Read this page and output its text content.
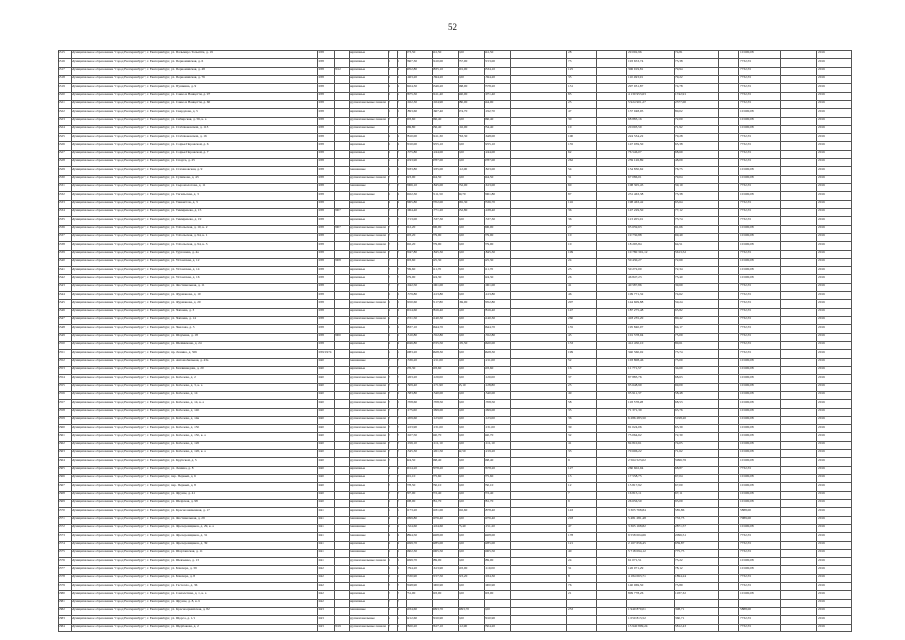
52
5315	Муниципальное образование "город Екатеринбург", г. Екатеринбург, ул. Пальмиро Тольятти, д. 19	1938	кирпичные	2	1	373,50	341,50	0,00	341,50	28	29 092,96	74,81	10 600,08	2016
5316	Муниципальное образование "город Екатеринбург", г. Екатеринбург, ул. Первомайская, д. 6	1938	кирпичные	3	3	2667,30	2410,00	257,00	2153,00	73	193 653,74	73,38	7732,55	2016
5317	Муниципальное образование "город Екатеринбург", г. Екатеринбург, ул. Первомайская, д. 48	1938	2012	кирпичные	3	4	4052,80	3835,10	301,00	3534,10	125	306 919,81	79,94	7732,55	2016
5318	Муниципальное образование "город Екатеринбург", г. Екатеринбург, ул. Первомайская, д. 76	1938	кирпичные	3	3	1463,20	1394,20	0,00	1394,20	35	110 493,91	79,22	7732,55	2016
5319	Муниципальное образование "город Екатеринбург", г. Екатеринбург, ул. Пушкина, д. 9	1938	кирпичные	4	4	3924,30	3346,20	968,00	2378,20	131	297 931,87	74,78	7732,55	2016
5320	Муниципальное образование "город Екатеринбург", г. Екатеринбург, ул. Сакко и Ванцетти, д. 97	1938	кирпичные	3	5	2675,30	2411,40	440,00	1971,40	85	4 130 953,63	1742,91	7732,55	2016
5321	Муниципальное образование "город Екатеринбург", г. Екатеринбург, ул. Сакко и Ванцетти, д. 60	1938	крупнопанельные панели 2	2	1022,30	1024,90	380,00	644,90	25	5 924 901,27	2377,00	7732,55	2016
5322	Муниципальное образование "город Екатеринбург", г. Екатеринбург, ул. Свердлова, д. 5	1938	кирпичные	3	3	1893,60	1667,40	474,70	1192,70	47	137 048,95	80,02	10 600,08	2016
5323	Муниципальное образование "город Екатеринбург", г. Екатеринбург, ул. Сибирская, д. 56, к. а	1938	крупнопанельные панели 2	2	903,60	866,40	0,00	866,40	30	68 883,16	72,00	10 600,08	2016
5324	Муниципальное образование "город Екатеринбург", г. Екатеринбург, ул. Стеблюковской, д. 113	1938	крупнопанельные	2	1	369,80	356,40	102,00	254,40	10	20 093,59	71,92	10 600,08	2016
5325	Муниципальное образование "город Екатеринбург", г. Екатеринбург, ул. Стеблюковской, д. 16	1938	кирпичные	4	4	2810,00	2411,30	763,30	1648,00	100	224 534,22	79,28	7732,55	2016
5326	Муниципальное образование "город Екатеринбург", г. Екатеринбург, ул. Софьи Перовской, д. 6	1938	кирпичные	3	4	2010,00	2255,10	0,00	2255,10	135	147 039,50	65,38	7732,55	2016
5327	Муниципальное образование "город Екатеринбург", г. Екатеринбург, ул. Софьи Перовской, д. 7	1938	кирпичные	3	2	1375,80	1244,00	0,00	1244,00	62	76 546,07	68,69	7732,55	2016
5328	Муниципальное образование "город Екатеринбург", г. Екатеринбург, ул. Спорта, д. 25	1938	кирпичные	5	6	5193,90	4787,00	0,00	4787,00	262	239 126,89	48,09	7732,55	2016
5329	Муниципальное образование "город Екатеринбург", г. Екатеринбург, ул. Стахановская, д. 9	1938	смешанные	3	3	2183,80	1935,00	112,00	1823,00	54	154 830,62	76,75	10 600,08	2016
5330	Муниципальное образование "город Екатеринбург", г. Екатеринбург, ул. Сулимова, д. 43	1938	крупнопанельные панели 2	2	923,90	844,50	0,00	844,50	31	67 086,01	79,04	10 600,08	2016
5331	Муниципальное образование "город Екатеринбург", г. Екатеринбург, ул. Сыромолотова, д. 11	1938	смешанные	2	2	2066,10	1845,00	232,00	1613,00	60	108 305,45	59,19	7732,55	2016
5332	Муниципальное образование "город Екатеринбург", г. Екатеринбург, ул. Тагильская, д. 3	1938	крупнопанельные	3	4	3022,30	2111,50	49,70	2061,80	87	231 463,38	73,38	10 600,08	2016
5333	Муниципальное образование "город Екатеринбург", г. Екатеринбург, ул. Танкистов, д. 3	1938	кирпичные	4	4	2965,80	2702,00	365,30	2336,70	116	198 463,42	63,64	7732,55	2016
5334	Муниципальное образование "город Екатеринбург", г. Екатеринбург, ул. Тимирязева, д. 15	1938	2007	кирпичные	2	2	1964,40	1771,20	332,80	1438,40	36	147 229,50	77,12	7732,55	2016
5335	Муниципальное образование "город Екатеринбург", г. Екатеринбург, ул. Тимирязева, д. 19	1938	кирпичные	2	2	1713,00	1537,30	0,00	1537,30	36	113 205,01	73,74	7732,55	2016
5336	Муниципальное образование "город Екатеринбург", г. Екатеринбург, ул. Тобольская, д. 10, к. 2	1938	2007	крупнопанельные панели 2	2	912,20	896,00	0,00	896,00	27	95 659,63	91,66	10 600,08	2016
5337	Муниципальное образование "город Екатеринбург", г. Екатеринбург, ул. Тобольская, д. 94, к. 1	1938	крупнопанельные панели 2	1	303,20	279,90	0,00	279,90	10	19 730,88	69,49	10 600,08	2016
5338	Муниципальное образование "город Екатеринбург", г. Екатеринбург, ул. Тобольская, д. 94, к. 3	1938	крупнопанельные панели 2	1	302,20	279,90	0,00	279,90	10	18 295,84	64,51	10 600,08	2016
5339	Муниципальное образование "город Екатеринбург", г. Екатеринбург, ул. Тургенева, д. 4а	1938	крупнопанельные панели 2	2	2047,80	1845,30	0,00	1845,30	109	10 780 391,12	5613,52	7732,55	2016
5340	Муниципальное образование "город Екатеринбург", г. Екатеринбург, ул. Ухтомская, д. 12	1938	2008	крупнопанельные	2	1	693,60	625,30	0,00	625,30	24	50 430,27	72,69	10 600,08	2016
5341	Муниципальное образование "город Екатеринбург", г. Екатеринбург, ул. Ухтомская, д. 14	1938	кирпичные	2	2	709,60	611,70	0,00	611,70	25	50 272,00	72,34	10 600,08	2016
5342	Муниципальное образование "город Екатеринбург", г. Екатеринбург, ул. Ухтомская, д. 16	1938	кирпичные	2	2	679,90	624,30	0,00	624,30	26	46 847,23	73,40	10 600,08	2016
5343	Муниципальное образование "город Екатеринбург", г. Екатеринбург, ул. Фестивальная, д. 11	1938	кирпичные	2	2	1042,50	1061,00	0,00	1061,00	41	40 587,86	39,69	7732,55	2016
5344	Муниципальное образование "город Екатеринбург", г. Екатеринбург, ул. Фурманова, д. 10	1938	кирпичные	3	3	1579,80	1413,80	0,00	1413,80	46	109 771,32	74,62	7732,55	2016
5345	Муниципальное образование "город Екатеринбург", г. Екатеринбург, ул. Фурманова, д. 20	1938	крупнопанельные панели 3	3	2450,60	2117,80	169,00	2052,80	207	144 609,88	59,24	7732,55	2016
5346	Муниципальное образование "город Екатеринбург", г. Екатеринбург, ул. Чапаева, д. 3	1938	кирпичные	4	4	3014,60	2816,40	0,00	2816,40	147	187 275,48	65,82	7732,55	2016
5347	Муниципальное образование "город Екатеринбург", г. Екатеринбург, ул. Чапаева, д. 14	1938	крупнопанельные панели 5	5	5721,50	5140,30	0,00	5140,30	260	418 235,20	80,42	7732,55	2016
5348	Муниципальное образование "город Екатеринбург", г. Екатеринбург, ул. Чкалова, д. 3	1938	кирпичные	4	4	3837,10	3644,70	0,00	3644,70	135	195 840,07	64,17	7732,55	2016
5349	Муниципальное образование "город Екатеринбург", г. Екатеринбург, ул. Шаумяна, д. 18	1938	2000	кирпичные	3	3	1510,80	1352,80	0,00	1352,80	45	101 578,04	75,09	7732,55	2016
5350	Муниципальное образование "город Екатеринбург", г. Екатеринбург, ул. Шейнкмана, д. 24	1938	кирпичные	4	4	4046,80	3725,50	105,50	3620,00	133	412 450,10	80,61	7732,55	2016
5351	Муниципальное образование "город Екатеринбург", г. Екатеринбург, пр. Ленина, д. 50б	1939/1974	кирпичные	5	5	5083,20	4628,30	0,00	4628,30	199	340 560,02	73,74	7732,55	2016
5352	Муниципальное образование "город Екатеринбург", г. Екатеринбург, ул. Автомобильная, д. 43а	1940	смешанные	2	2	1336,20	1211,00	0,00	1211,00	52	103 808,46	73,00	10 600,08	2016
5353	Муниципальное образование "город Екатеринбург", г. Екатеринбург, ул. Бахчиванджи, д. 20	1940	кирпичные	2	2	576,30	503,60	0,00	503,60	16	11 771,57	34,69	10 600,08	2016
5354	Муниципальное образование "город Екатеринбург", г. Екатеринбург, ул. Кобозева, д. 2	1940	крупнопанельные панели 2	2	1263,20	1120,00	0,00	1120,00	37	87 883,76	68,63	10 600,08	2016
5355	Муниципальное образование "город Екатеринбург", г. Екатеринбург, ул. Кобозева, д. 3, к. а	1940	крупнопанельные панели 2	3	1509,40	1171,90	43,10	1128,80	25	95 648,99	69,09	10 600,08	2016
5356	Муниципальное образование "город Екатеринбург", г. Екатеринбург, ул. Кобозева, д. 14	1940	крупнопанельные панели 2	3	1583,80	1540,00	0,00	1540,00	49	95 911,37	58,48	10 600,08	2016
5357	Муниципальное образование "город Екатеринбург", г. Екатеринбург, ул. Кобозева, д. 14, к. а	1940	крупнопанельные панели 2	3	1708,60	1708,50	0,00	1708,50	58	118 578,28	68,53	10 600,08	2016
5358	Муниципальное образование "город Екатеринбург", г. Екатеринбург, ул. Кобозева, д. 14б	1940	крупнопанельные панели 2	2	1175,60	1099,00	0,00	1099,00	35	71 371,39	63,76	10 600,08	2016
5359	Муниципальное образование "город Екатеринбург", г. Екатеринбург, ул. Кобозева, д. 14в	1940	крупнопанельные панели 2	2	1209,60	1123,00	0,00	1123,00	36	6 286 283,50	5198,20	10 600,08	2016
5360	Муниципальное образование "город Екатеринбург", г. Екатеринбург, ул. Кобозева, д. 15б	1940	крупнопанельные панели 2	2	1223,90	1131,00	0,00	1131,00	39	81 024,06	65,39	10 600,08	2016
5361	Муниципальное образование "город Екатеринбург", г. Екатеринбург, ул. Кобозева, д. 15б, к. а	1940	крупнопанельные панели 2	2	1027,50	940,70	0,00	940,70	32	75 064,62	72,30	10 600,08	2016
5362	Муниципальное образование "город Екатеринбург", г. Екатеринбург, ул. Кобозева, д. 120	1940	крупнопанельные панели 2	2	1199,10	1111,10	0,00	1111,10	41	84 810,61	74,05	10 600,08	2016
5363	Муниципальное образование "город Екатеринбург", г. Екатеринбург, ул. Кобозева, д. 120, к. а	1940	крупнопанельные панели 2	2	1345,30	1261,50	42,50	1219,20	33	70 606,22	71,62	10 600,08	2016
5364	Муниципальное образование "город Екатеринбург", г. Екатеринбург, ул. Крупской, д. 5	1940	крупнопанельные панели 2	1	424,50	368,40	0,00	368,40	9	2 564 523,02	5996,76	10 600,08	2016
5365	Муниципальное образование "город Екатеринбург", г. Екатеринбург, ул. Ленина, д. 8	1940	кирпичные	4	4	3014,20	2978,20	0,00	2678,20	127	260 602,94	68,87	7732,55	2016
5366	Муниципальное образование "город Екатеринбург", г. Екатеринбург, пер. Первый, д. 6	1940	кирпичные	2	2	301,10	275,60	0,00	275,60	13	17 558,75	67,04	10 600,08	2016
5367	Муниципальное образование "город Екатеринбург", г. Екатеринбург, пер. Первый, д. 8	1940	кирпичные	2	1	278,50	250,10	0,00	250,10	12	15 817,92	67,00	10 600,08	2016
5368	Муниципальное образование "город Екатеринбург", г. Екатеринбург, ул. Фрунзе, д. 41	1940	кирпичные	2	2	297,90	272,40	0,00	272,40	7	16 815,11	67,11	10 600,08	2016
5369	Муниципальное образование "город Екатеринбург", г. Екатеринбург, ул. Шефская, д. 98	1940	кирпичные	3	2	308,90	281,70	0,00	281,70	9	26 656,50	93,09	10 600,08	2016
5370	Муниципальное образование "город Екатеринбург", г. Екатеринбург, ул. Краснознаменная, д. 17	1941	кирпичные	5	5	6173,20	6181,00	302,60	5878,40	143	3 305 768,84	585,86	5888,00	2016
5371	Муниципальное образование "город Екатеринбург", г. Екатеринбург, ул. Фестивальная, д. 29	1941	смешанные	4	6	6099,80	5976,40	0,00	5976,40	218	5 481 281,48	733,73	7089,00	2016
5372	Муниципальное образование "город Екатеринбург", г. Екатеринбург, ул. Фрезеровщиков, д. 29, к. а	1941	смешанные	4	4	1324,60	1224,60	73,40	1151,20	47	3 365 168,82	2871,57	10 600,08	2016
5373	Муниципальное образование "город Екатеринбург", г. Екатеринбург, ул. Фрезеровщиков, д. 31	1941	смешанные	4	4	4894,50	4468,00	0,00	4468,00	178	9 558 004,66	2096,51	7732,55	2016
5374	Муниципальное образование "город Екатеринбург", г. Екатеринбург, ул. Фрезеровщиков, д. 39	1941	кирпичные	4	4	3499,70	3285,00	0,00	3285,00	121	2 167 656,45	659,87	7732,55	2016
5375	Муниципальное образование "город Екатеринбург", г. Екатеринбург, ул. Шарташская, д. 11	1941	смешанные	3	3	6602,30	6065,50	0,00	6065,50	40	5 718 094,12	775,75	7732,55	2016
5376	Муниципальное образование "город Екатеринбург", г. Екатеринбург, ул. Шевченко, д. 13	1941	крупнопанельные панели 3	3	3499,70	689,00	0,00	689,00	24	61 071,51	73,22	10 600,08	2016
5377	Муниципальное образование "город Екатеринбург", г. Екатеринбург, ул. Блюхера, д. 39	1942	кирпичные	3	3	1794,20	1613,90	503,90	1110,00	31	126 071,29	78,12	10 600,08	2016
5378	Муниципальное образование "город Екатеринбург", г. Екатеринбург, ул. Блюхера, д. 8	1942	кирпичные	3	3	2330,90	2157,50	223,20	1934,30	8	4 184 063,71	1894,24	7732,55	2016
5379	Муниципальное образование "город Екатеринбург", г. Екатеринбург, ул. Гастелло, д. 36	1942	кирпичные	2	2	2048,90	1900,90	0,00	1900,90	76	140 069,50	73,89	7732,55	2016
5380	Муниципальное образование "город Екатеринбург", г. Екатеринбург, ул. Самолетная, д. 1, к. а	1942	кирпичные	2	2	731,00	693,00	0,00	693,00	21	809 778,26	1187,32	10 600,08	2016
5381	Муниципальное образование "город Екатеринбург", г. Екатеринбург, ул. Фрунзе, д. 8, к. б	1942	кирпичные	2	2	2016
5382	Муниципальное образование "город Екатеринбург", г. Екатеринбург, ул. Красноармейская, д. 82	1943	смешанные	3	3	5034,60	4993,70	4993,70	0,00	253	1 940 870,01	398,71	5888,00	2016
5383	Муниципальное образование "город Екатеринбург", г. Екатеринбург, ул. Щорса, д. 1/1	1943	крупнопанельные	5	5	3212,60	2910,90	0,00	2910,90	1 050 813,52	360,71	7732,55	2016
5384	Муниципальное образование "город Екатеринбург", г. Екатеринбург, ул. Щербакова, д. 2	1943	2019	крупнопанельные панели 2	3	2820,20	2617,10	112,90	2504,20	15 940 809,24	5812,43	7732,55	2016
